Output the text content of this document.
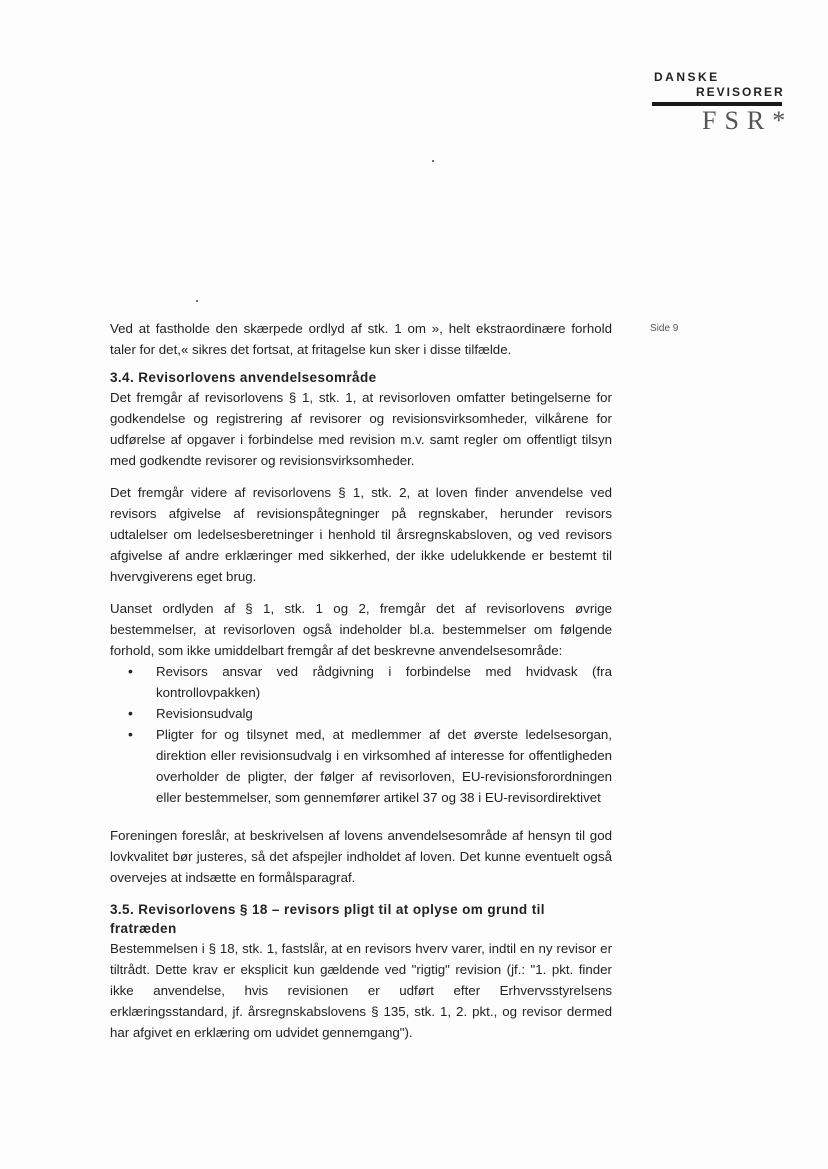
DANSKE
REVISORER
FSR*
Side 9

Ved at fastholde den skærpede ordlyd af stk. 1 om », helt ekstraordinære forhold taler for det,« sikres det fortsat, at fritagelse kun sker i disse tilfælde.

3.4. Revisorlovens anvendelsesområde

Det fremgår af revisorlovens § 1, stk. 1, at revisorloven omfatter betingelserne for godkendelse og registrering af revisorer og revisionsvirksomheder, vilkårene for udførelse af opgaver i forbindelse med revision m.v. samt regler om offentligt tilsyn med godkendte revisorer og revisionsvirksomheder.

Det fremgår videre af revisorlovens § 1, stk. 2, at loven finder anvendelse ved revisors afgivelse af revisionspåtegninger på regnskaber, herunder revisors udtalelser om ledelsesberetninger i henhold til årsregnskabsloven, og ved revisors afgivelse af andre erklæringer med sikkerhed, der ikke udelukkende er bestemt til hvervgiverens eget brug.

Uanset ordlyden af § 1, stk. 1 og 2, fremgår det af revisorlovens øvrige bestemmelser, at revisorloven også indeholder bl.a. bestemmelser om følgende forhold, som ikke umiddelbart fremgår af det beskrevne anvendelsesområde:

• Revisors ansvar ved rådgivning i forbindelse med hvidvask (fra kontrollovpakken)
• Revisionsudvalg
• Pligter for og tilsynet med, at medlemmer af det øverste ledelsesorgan, direktion eller revisionsudvalg i en virksomhed af interesse for offentligheden overholder de pligter, der følger af revisorloven, EU-revisionsforordningen eller bestemmelser, som gennemfører artikel 37 og 38 i EU-revisordirektivet

Foreningen foreslår, at beskrivelsen af lovens anvendelsesområde af hensyn til god lovkvalitet bør justeres, så det afspejler indholdet af loven. Det kunne eventuelt også overvejes at indsætte en formålsparagraf.

3.5. Revisorlovens § 18 – revisors pligt til at oplyse om grund til fratræden

Bestemmelsen i § 18, stk. 1, fastslår, at en revisors hverv varer, indtil en ny revisor er tiltrådt. Dette krav er eksplicit kun gældende ved "rigtig" revision (jf.: "1. pkt. finder ikke anvendelse, hvis revisionen er udført efter Erhvervsstyrelsens erklæringsstandard, jf. årsregnskabslovens § 135, stk. 1, 2. pkt., og revisor dermed har afgivet en erklæring om udvidet gennemgang").
